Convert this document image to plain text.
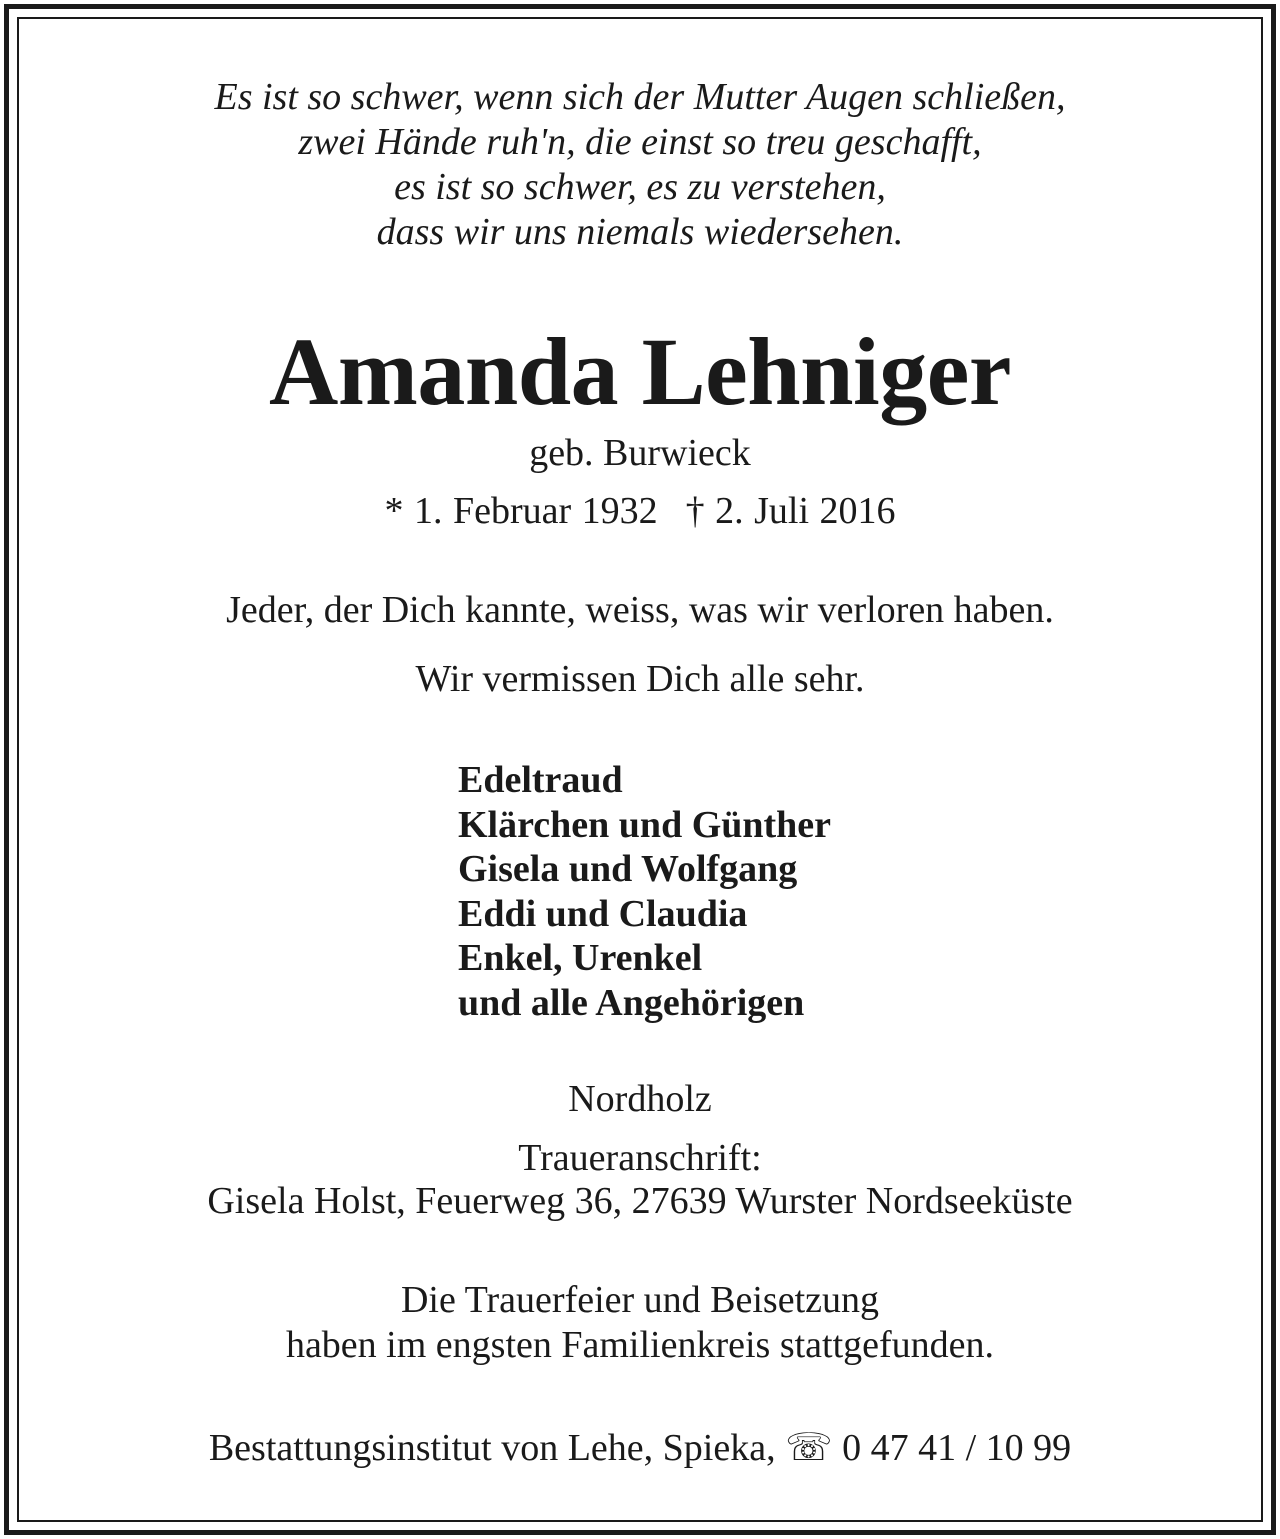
Es ist so schwer, wenn sich der Mutter Augen schließen,
zwei Hände ruh'n, die einst so treu geschafft,
es ist so schwer, es zu verstehen,
dass wir uns niemals wiedersehen.
Amanda Lehniger
geb. Burwieck
* 1. Februar 1932 † 2. Juli 2016
Jeder, der Dich kannte, weiss, was wir verloren haben.
Wir vermissen Dich alle sehr.
Edeltraud
Klärchen und Günther
Gisela und Wolfgang
Eddi und Claudia
Enkel, Urenkel
und alle Angehörigen
Nordholz
Traueranschrift:
Gisela Holst, Feuerweg 36, 27639 Wurster Nordseeküste
Die Trauerfeier und Beisetzung
haben im engsten Familienkreis stattgefunden.
Bestattungsinstitut von Lehe, Spieka, ☏ 0 47 41 / 10 99
